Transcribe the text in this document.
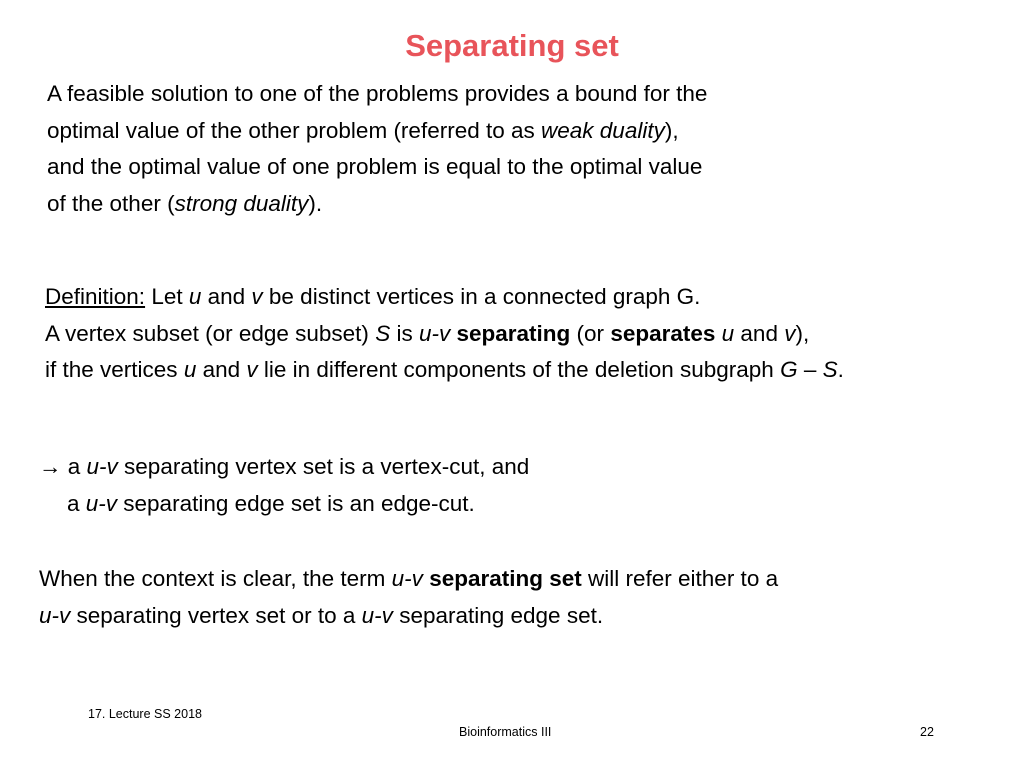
Separating set
A feasible solution to one of the problems provides a bound for the
optimal value of the other problem (referred to as weak duality),
and the optimal value of one problem is equal to the optimal value
of the other (strong duality).
Definition: Let u and v be distinct vertices in a connected graph G.
A vertex subset (or edge subset) S is u-v separating (or separates u and v),
if the vertices u and v lie in different components of the deletion subgraph G – S.
→ a u-v separating vertex set is a vertex-cut, and
a u-v separating edge set is an edge-cut.
When the context is clear, the term u-v separating set will refer either to a
u-v separating vertex set or to a u-v separating edge set.
17. Lecture SS 2018
Bioinformatics III	22
